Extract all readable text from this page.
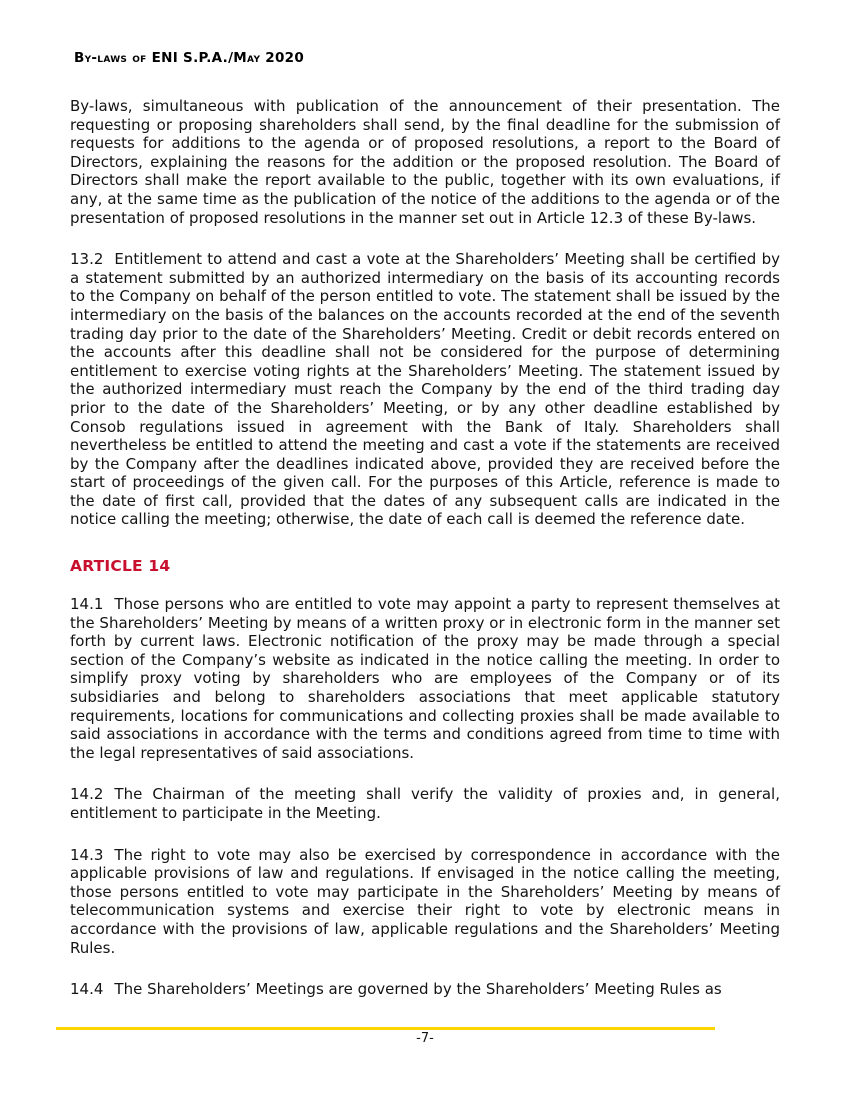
By-laws of ENI S.P.A./May 2020

By-laws, simultaneous with publication of the announcement of their presentation. The requesting or proposing shareholders shall send, by the final deadline for the submission of requests for additions to the agenda or of proposed resolutions, a report to the Board of Directors, explaining the reasons for the addition or the proposed resolution. The Board of Directors shall make the report available to the public, together with its own evaluations, if any, at the same time as the publication of the notice of the additions to the agenda or of the presentation of proposed resolutions in the manner set out in Article 12.3 of these By-laws.

13.2 Entitlement to attend and cast a vote at the Shareholders’ Meeting shall be certified by a statement submitted by an authorized intermediary on the basis of its accounting records to the Company on behalf of the person entitled to vote. The statement shall be issued by the intermediary on the basis of the balances on the accounts recorded at the end of the seventh trading day prior to the date of the Shareholders’ Meeting. Credit or debit records entered on the accounts after this deadline shall not be considered for the purpose of determining entitlement to exercise voting rights at the Shareholders’ Meeting. The statement issued by the authorized intermediary must reach the Company by the end of the third trading day prior to the date of the Shareholders’ Meeting, or by any other deadline established by Consob regulations issued in agreement with the Bank of Italy. Shareholders shall nevertheless be entitled to attend the meeting and cast a vote if the statements are received by the Company after the deadlines indicated above, provided they are received before the start of proceedings of the given call. For the purposes of this Article, reference is made to the date of first call, provided that the dates of any subsequent calls are indicated in the notice calling the meeting; otherwise, the date of each call is deemed the reference date.

ARTICLE 14

14.1 Those persons who are entitled to vote may appoint a party to represent themselves at the Shareholders’ Meeting by means of a written proxy or in electronic form in the manner set forth by current laws. Electronic notification of the proxy may be made through a special section of the Company’s website as indicated in the notice calling the meeting. In order to simplify proxy voting by shareholders who are employees of the Company or of its subsidiaries and belong to shareholders associations that meet applicable statutory requirements, locations for communications and collecting proxies shall be made available to said associations in accordance with the terms and conditions agreed from time to time with the legal representatives of said associations.

14.2 The Chairman of the meeting shall verify the validity of proxies and, in general, entitlement to participate in the Meeting.

14.3 The right to vote may also be exercised by correspondence in accordance with the applicable provisions of law and regulations. If envisaged in the notice calling the meeting, those persons entitled to vote may participate in the Shareholders’ Meeting by means of telecommunication systems and exercise their right to vote by electronic means in accordance with the provisions of law, applicable regulations and the Shareholders’ Meeting Rules.

14.4 The Shareholders’ Meetings are governed by the Shareholders’ Meeting Rules as

-7-
